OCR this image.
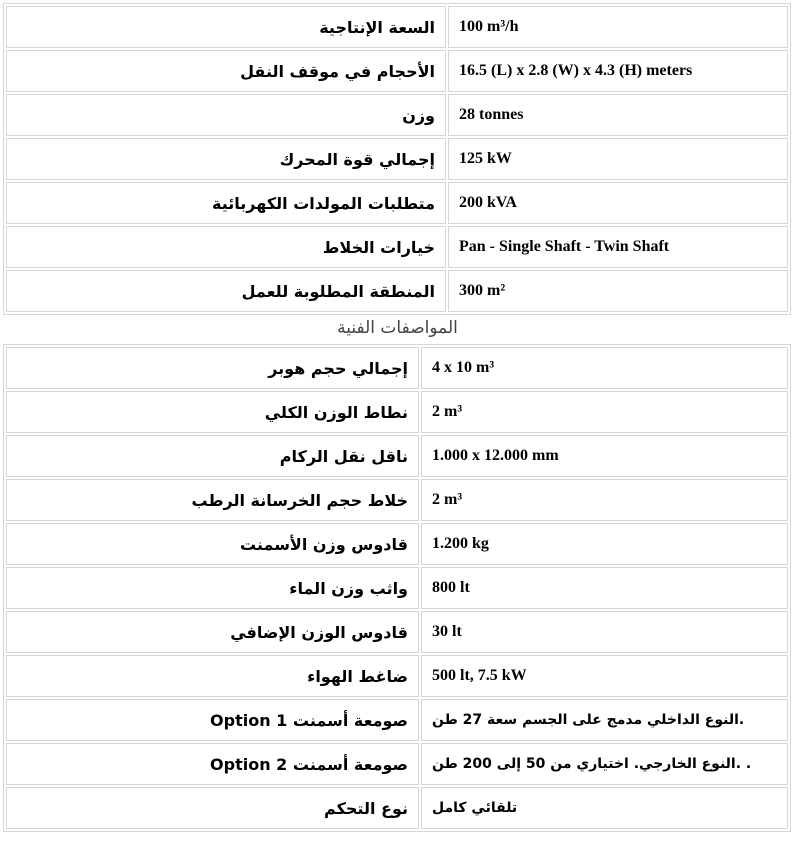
السعة الإنتاجية	100 m³/h

الأحجام في موقف النقل	16.5 (L) x 2.8 (W) x 4.3 (H) meters

وزن	28 tonnes

إجمالي قوة المحرك	125 kW

متطلبات المولدات الكهربائية	200 kVA

خيارات الخلاط	Pan - Single Shaft - Twin Shaft

المنطقة المطلوبة للعمل	300 m²
المواصفات الفنية
إجمالي حجم هوبر	4 x 10 m³

نطاط الوزن الكلي	2 m³

ناقل نقل الركام	1.000 x 12.000 mm

خلاط حجم الخرسانة الرطب	2 m³

قادوس وزن الأسمنت	1.200 kg

واثب وزن الماء	800 lt

قادوس الوزن الإضافي	30 lt

ضاغط الهواء	500 lt, 7.5 kW

صومعة أسمنت Option 1	النوع الداخلي مدمج على الجسم سعة 27 طن.

صومعة أسمنت Option 2	النوع الخارجي. اختياري من 50 إلى 200 طن. .

نوع التحكم	تلقائي كامل
